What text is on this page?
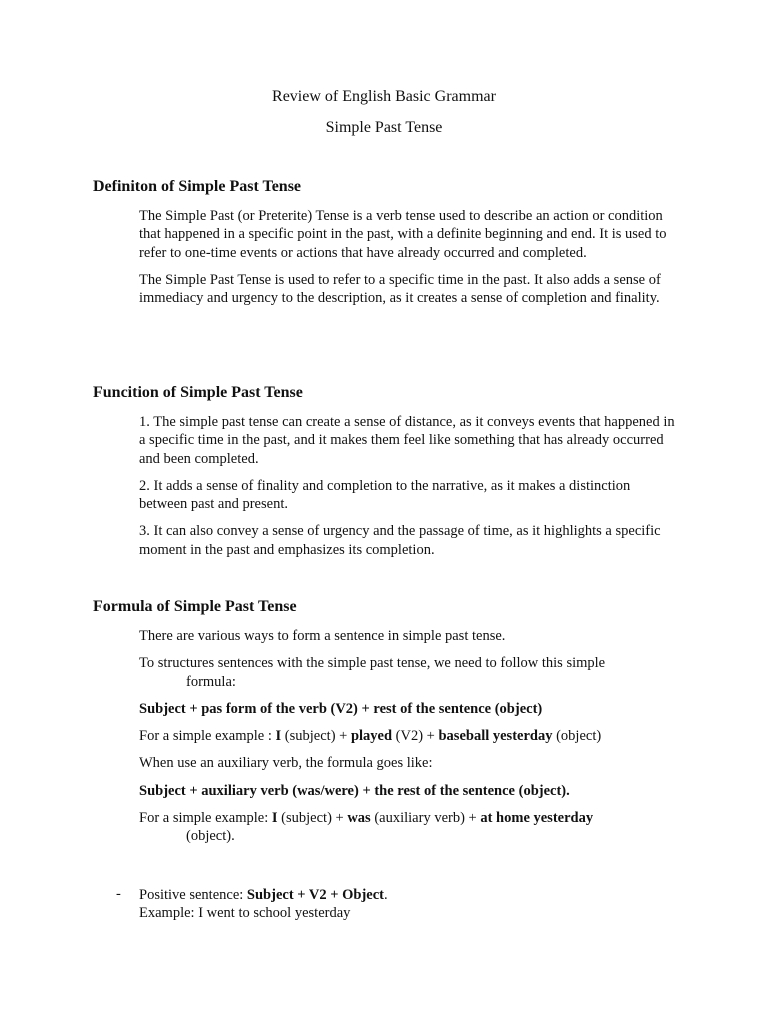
Review of English Basic Grammar
Simple Past Tense
Definiton of Simple Past Tense

The Simple Past (or Preterite) Tense is a verb tense used to describe an action or condition that happened in a specific point in the past, with a definite beginning and end. It is used to refer to one-time events or actions that have already occurred and completed.

The Simple Past Tense is used to refer to a specific time in the past. It also adds a sense of immediacy and urgency to the description, as it creates a sense of completion and finality.

Funcition of Simple Past Tense

1. The simple past tense can create a sense of distance, as it conveys events that happened in a specific time in the past, and it makes them feel like something that has already occurred and been completed.

2. It adds a sense of finality and completion to the narrative, as it makes a distinction between past and present.

3. It can also convey a sense of urgency and the passage of time, as it highlights a specific moment in the past and emphasizes its completion.

Formula of Simple Past Tense

There are various ways to form a sentence in simple past tense.

To structures sentences with the simple past tense, we need to follow this simple
formula:

Subject + pas form of the verb (V2) + rest of the sentence (object)

For a simple example : I (subject) + played (V2) + baseball yesterday (object)

When use an auxiliary verb, the formula goes like:

Subject + auxiliary verb (was/were) + the rest of the sentence (object).

For a simple example: I (subject) + was (auxiliary verb) + at home yesterday
(object).

- Positive sentence: Subject + V2 + Object.
Example: I went to school yesterday
